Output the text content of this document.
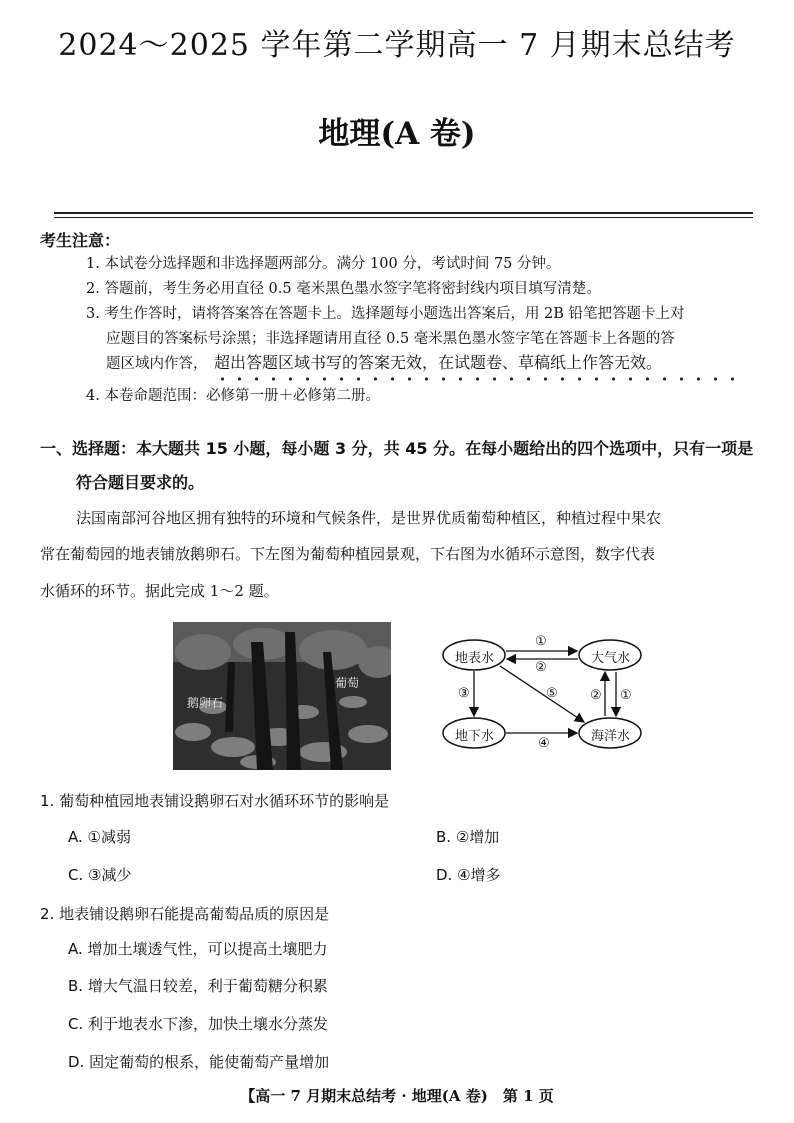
2024～2025 学年第二学期高一 7 月期末总结考
地理(A 卷)
考生注意：
1. 本试卷分选择题和非选择题两部分。满分 100 分，考试时间 75 分钟。
2. 答题前，考生务必用直径 0.5 毫米黑色墨水签字笔将密封线内项目填写清楚。
3. 考生作答时，请将答案答在答题卡上。选择题每小题选出答案后，用 2B 铅笔把答题卡上对
应题目的答案标号涂黑；非选择题请用直径 0.5 毫米黑色墨水签字笔在答题卡上各题的答
题区域内作答， 超出答题区域书写的答案无效，在试题卷、草稿纸上作答无效。
4. 本卷命题范围：必修第一册＋必修第二册。
一、选择题：本大题共 15 小题，每小题 3 分，共 45 分。在每小题给出的四个选项中，只有一项是
符合题目要求的。
法国南部河谷地区拥有独特的环境和气候条件，是世界优质葡萄种植区，种植过程中果农
常在葡萄园的地表铺放鹅卵石。下左图为葡萄种植园景观，下右图为水循环示意图，数字代表
水循环的环节。据此完成 1～2 题。
葡萄
鹅卵石
地表水	大气水
地下水	海洋水
①
②
③	⑤ ② ①
④
1. 葡萄种植园地表铺设鹅卵石对水循环环节的影响是
A. ①减弱	B. ②增加
C. ③减少	D. ④增多
2. 地表铺设鹅卵石能提高葡萄品质的原因是
A. 增加土壤透气性，可以提高土壤肥力
B. 增大气温日较差，利于葡萄糖分积累
C. 利于地表水下渗，加快土壤水分蒸发
D. 固定葡萄的根系，能使葡萄产量增加
【高一 7 月期末总结考 · 地理(A 卷)　第 1 页
